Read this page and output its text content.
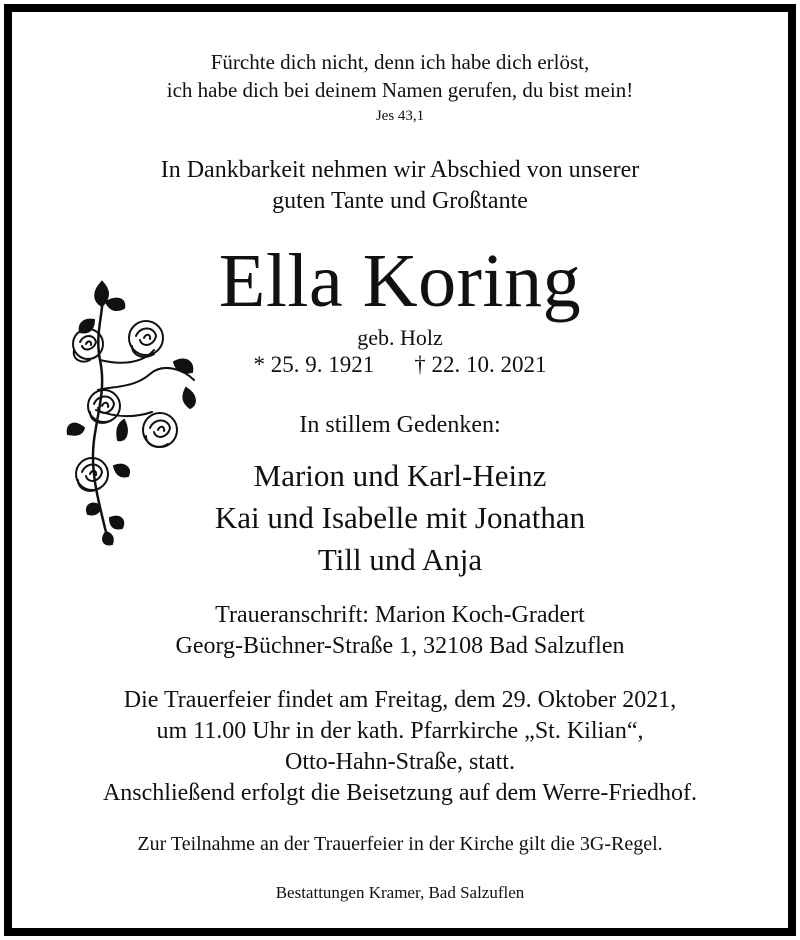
Fürchte dich nicht, denn ich habe dich erlöst,
ich habe dich bei deinem Namen gerufen, du bist mein!
Jes 43,1
In Dankbarkeit nehmen wir Abschied von unserer
guten Tante und Großtante
Ella Koring
geb. Holz
* 25. 9. 1921 † 22. 10. 2021
In stillem Gedenken:
Marion und Karl-Heinz
Kai und Isabelle mit Jonathan
Till und Anja
Traueranschrift: Marion Koch-Gradert
Georg-Büchner-Straße 1, 32108 Bad Salzuflen
Die Trauerfeier findet am Freitag, dem 29. Oktober 2021,
um 11.00 Uhr in der kath. Pfarrkirche „St. Kilian“,
Otto-Hahn-Straße, statt.
Anschließend erfolgt die Beisetzung auf dem Werre-Friedhof.
Zur Teilnahme an der Trauerfeier in der Kirche gilt die 3G-Regel.
Bestattungen Kramer, Bad Salzuflen
